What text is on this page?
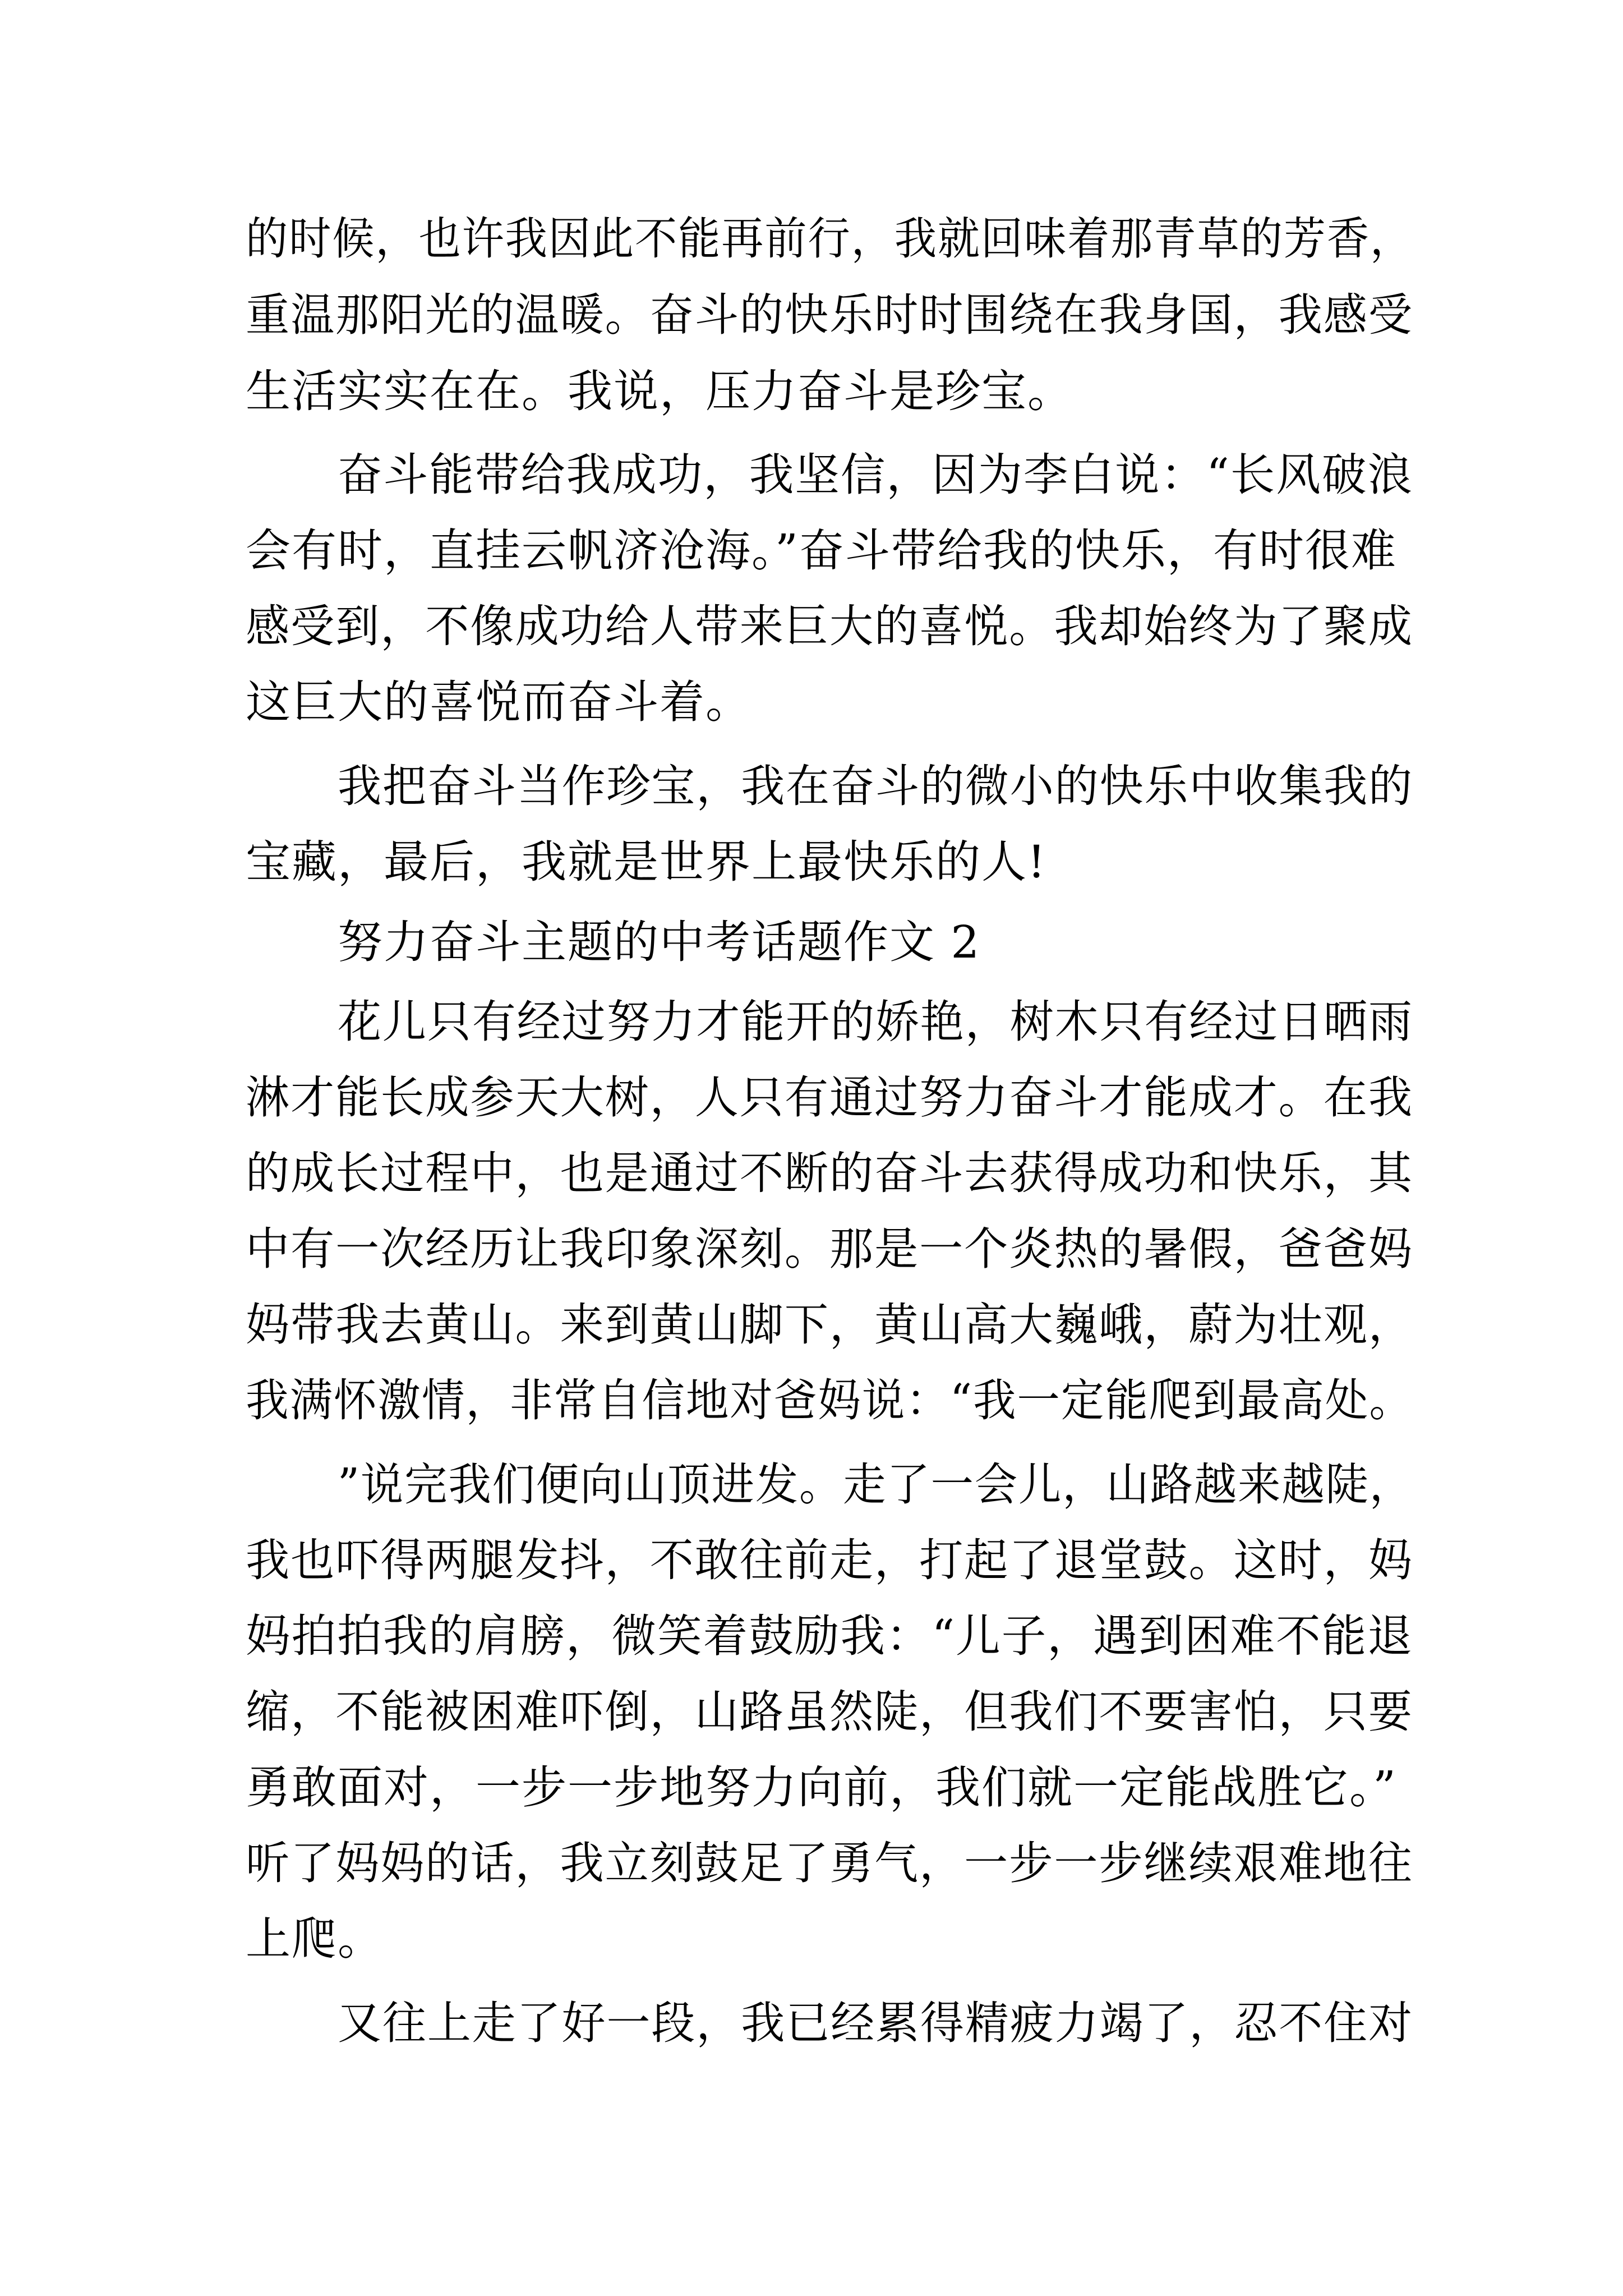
的时候，也许我因此不能再前行，我就回味着那青草的芳香，
重温那阳光的温暖。奋斗的快乐时时围绕在我身国，我感受
生活实实在在。我说，压力奋斗是珍宝。
奋斗能带给我成功，我坚信，因为李白说：“长风破浪
会有时，直挂云帆济沧海。”奋斗带给我的快乐，有时很难
感受到，不像成功给人带来巨大的喜悦。我却始终为了聚成
这巨大的喜悦而奋斗着。
我把奋斗当作珍宝，我在奋斗的微小的快乐中收集我的
宝藏，最后，我就是世界上最快乐的人!
努力奋斗主题的中考话题作文 2
花儿只有经过努力才能开的娇艳，树木只有经过日晒雨
淋才能长成参天大树，人只有通过努力奋斗才能成才。在我
的成长过程中，也是通过不断的奋斗去获得成功和快乐，其
中有一次经历让我印象深刻。那是一个炎热的暑假，爸爸妈
妈带我去黄山。来到黄山脚下，黄山高大巍峨，蔚为壮观，
我满怀激情，非常自信地对爸妈说：“我一定能爬到最高处。
”说完我们便向山顶进发。走了一会儿，山路越来越陡，
我也吓得两腿发抖，不敢往前走，打起了退堂鼓。这时，妈
妈拍拍我的肩膀，微笑着鼓励我：“儿子，遇到困难不能退
缩，不能被困难吓倒，山路虽然陡，但我们不要害怕，只要
勇敢面对，一步一步地努力向前，我们就一定能战胜它。”
听了妈妈的话，我立刻鼓足了勇气，一步一步继续艰难地往
上爬。
又往上走了好一段，我已经累得精疲力竭了，忍不住对
